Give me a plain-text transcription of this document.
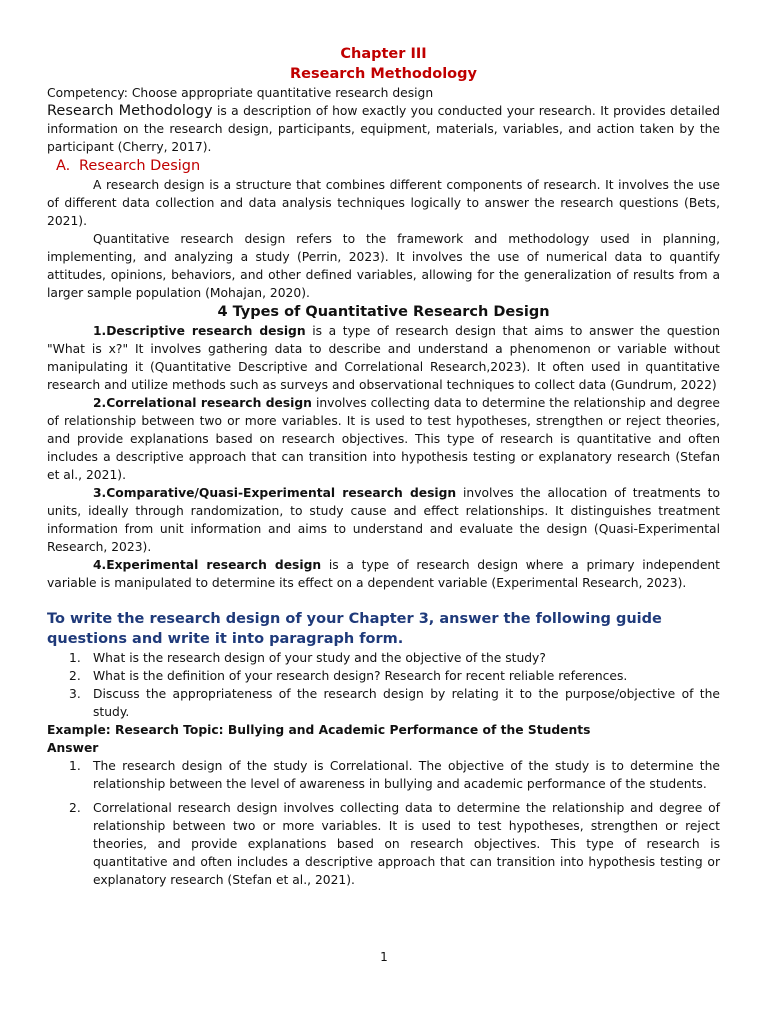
Chapter III

Research Methodology

Competency: Choose appropriate quantitative research design

Research Methodology is a description of how exactly you conducted your research. It provides detailed information on the research design, participants, equipment, materials, variables, and action taken by the participant (Cherry, 2017).

A. Research Design

A research design is a structure that combines different components of research. It involves the use of different data collection and data analysis techniques logically to answer the research questions (Bets, 2021).

Quantitative research design refers to the framework and methodology used in planning, implementing, and analyzing a study (Perrin, 2023). It involves the use of numerical data to quantify attitudes, opinions, behaviors, and other defined variables, allowing for the generalization of results from a larger sample population (Mohajan, 2020).

4 Types of Quantitative Research Design

1.Descriptive research design is a type of research design that aims to answer the question "What is x?" It involves gathering data to describe and understand a phenomenon or variable without manipulating it (Quantitative Descriptive and Correlational Research,2023). It often used in quantitative research and utilize methods such as surveys and observational techniques to collect data (Gundrum, 2022)

2.Correlational research design involves collecting data to determine the relationship and degree of relationship between two or more variables. It is used to test hypotheses, strengthen or reject theories, and provide explanations based on research objectives. This type of research is quantitative and often includes a descriptive approach that can transition into hypothesis testing or explanatory research (Stefan et al., 2021).

3.Comparative/Quasi-Experimental research design involves the allocation of treatments to units, ideally through randomization, to study cause and effect relationships. It distinguishes treatment information from unit information and aims to understand and evaluate the design (Quasi-Experimental Research, 2023).

4.Experimental research design is a type of research design where a primary independent variable is manipulated to determine its effect on a dependent variable (Experimental Research, 2023).

To write the research design of your Chapter 3, answer the following guide questions and write it into paragraph form.

1. What is the research design of your study and the objective of the study?
2. What is the definition of your research design? Research for recent reliable references.
3. Discuss the appropriateness of the research design by relating it to the purpose/objective of the study.

Example: Research Topic: Bullying and Academic Performance of the Students

Answer

1. The research design of the study is Correlational. The objective of the study is to determine the relationship between the level of awareness in bullying and academic performance of the students.
2. Correlational research design involves collecting data to determine the relationship and degree of relationship between two or more variables. It is used to test hypotheses, strengthen or reject theories, and provide explanations based on research objectives. This type of research is quantitative and often includes a descriptive approach that can transition into hypothesis testing or explanatory research (Stefan et al., 2021).
1
